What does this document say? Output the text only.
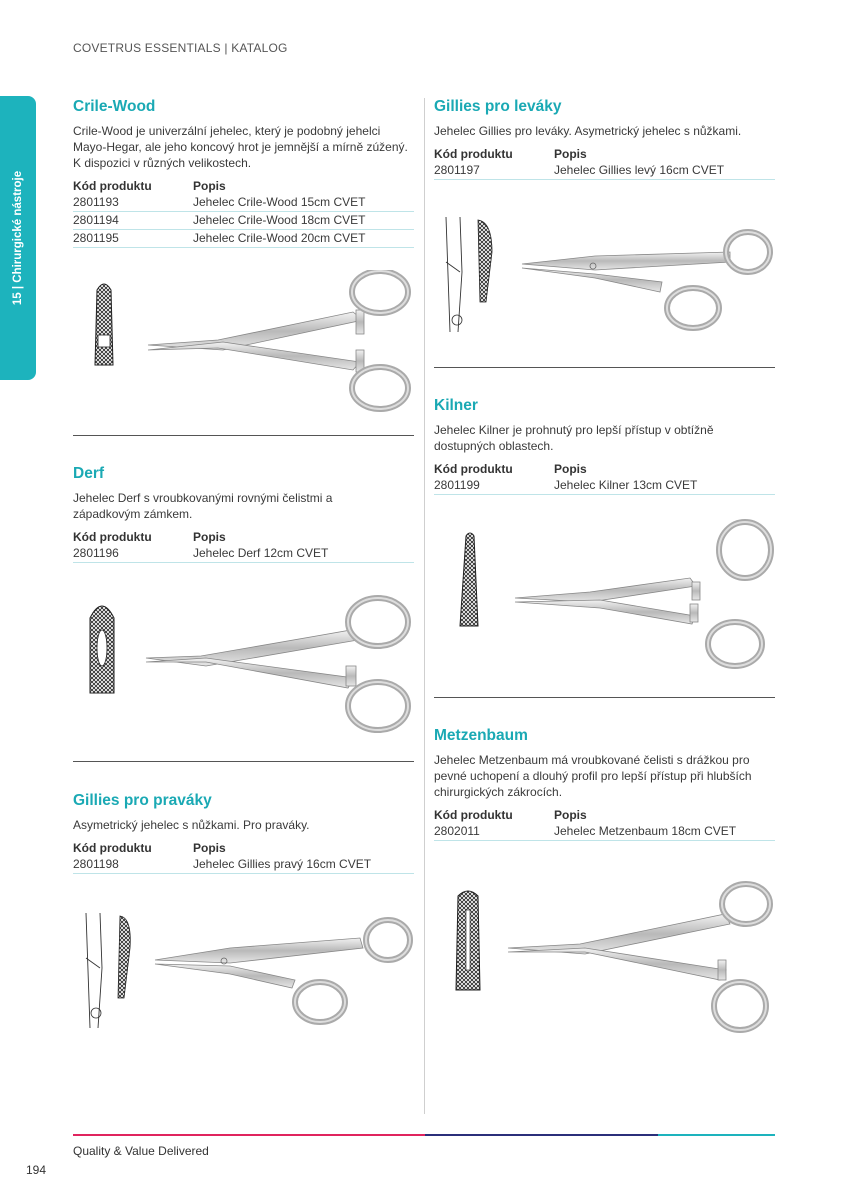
COVETRUS ESSENTIALS | KATALOG
15 | Chirurgické nástroje
Crile-Wood

Crile-Wood je univerzální jehelec, který je podobný jehelci Mayo-Hegar, ale jeho koncový hrot je jemnější a mírně zúžený. K dispozici v různých velikostech.

Kód produktu	Popis
2801193	Jehelec Crile-Wood 15cm CVET
2801194	Jehelec Crile-Wood 18cm CVET
2801195	Jehelec Crile-Wood 20cm CVET
Derf

Jehelec Derf s vroubkovanými rovnými čelistmi a západkovým zámkem.

Kód produktu	Popis
2801196	Jehelec Derf 12cm CVET
Gillies pro praváky

Asymetrický jehelec s nůžkami. Pro praváky.

Kód produktu	Popis
2801198	Jehelec Gillies pravý 16cm CVET
Gillies pro leváky

Jehelec Gillies pro leváky. Asymetrický jehelec s nůžkami.

Kód produktu	Popis
2801197	Jehelec Gillies levý 16cm CVET
Kilner

Jehelec Kilner je prohnutý pro lepší přístup v obtížně dostupných oblastech.

Kód produktu	Popis
2801199	Jehelec Kilner 13cm CVET
Metzenbaum

Jehelec Metzenbaum má vroubkované čelisti s drážkou pro pevné uchopení a dlouhý profil pro lepší přístup při hlubších chirurgických zákrocích.

Kód produktu	Popis
2802011	Jehelec Metzenbaum 18cm CVET
Quality & Value Delivered
194
